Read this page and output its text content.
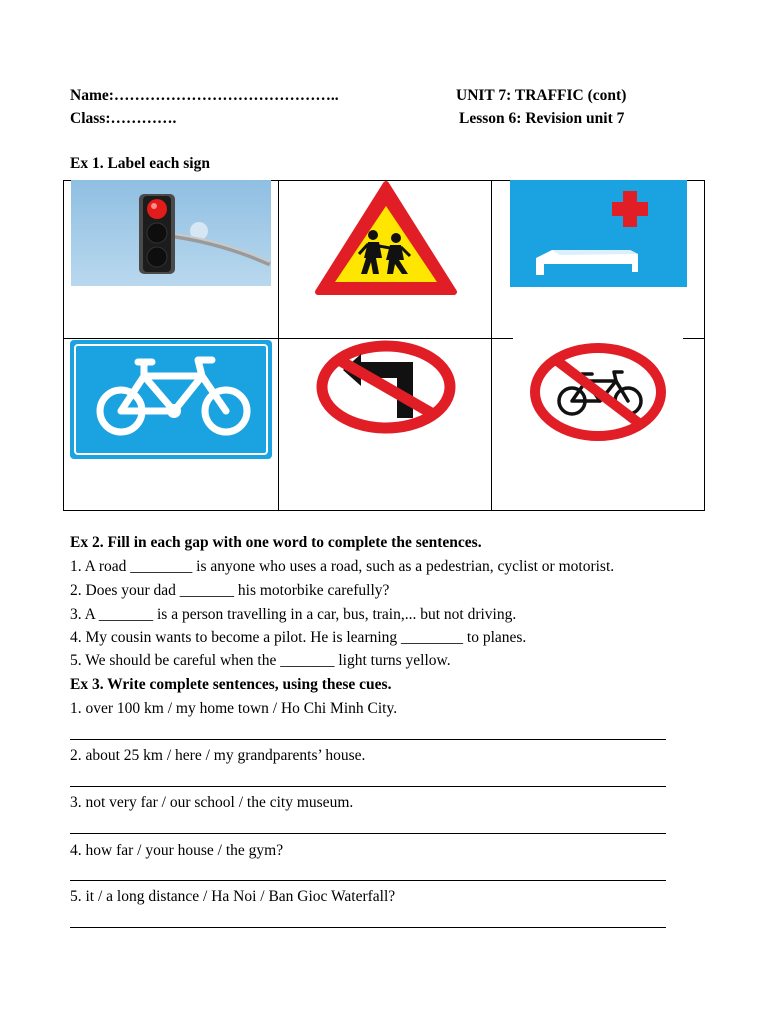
Name:……………………………………..
Class:………….
UNIT 7: TRAFFIC (cont)
Lesson 6: Revision unit 7
Ex 1. Label each sign
Ex 2. Fill in each gap with one word to complete the sentences.
1. A road ________ is anyone who uses a road, such as a pedestrian, cyclist or motorist.
2. Does your dad _______ his motorbike carefully?
3. A _______ is a person travelling in a car, bus, train,... but not driving.
4. My cousin wants to become a pilot. He is learning ________ to planes.
5. We should be careful when the _______ light turns yellow.
Ex 3. Write complete sentences, using these cues.
1. over 100 km / my home town / Ho Chi Minh City.
2. about 25 km / here / my grandparents’ house.
3. not very far / our school / the city museum.
4. how far / your house / the gym?
5. it / a long distance / Ha Noi / Ban Gioc Waterfall?
